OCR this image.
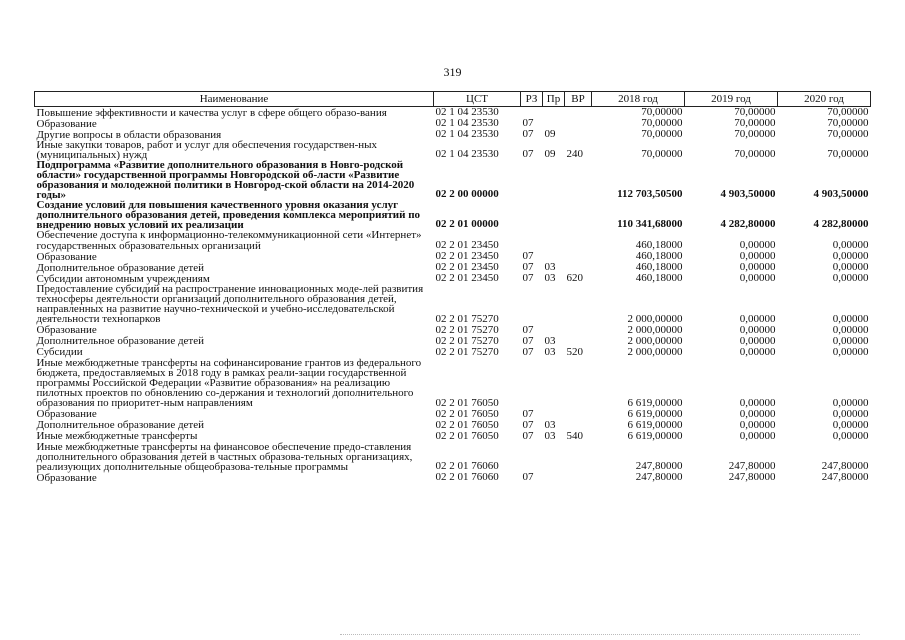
319
Наименование	ЦСТ	РЗ	Пр	ВР	2018 год	2019 год	2020 год
Повышение эффективности и качества услуг в сфере общего образо-вания	02 1 04 23530				70,00000	70,00000	70,00000
Образование	02 1 04 23530	07			70,00000	70,00000	70,00000
Другие вопросы в области образования	02 1 04 23530	07	09		70,00000	70,00000	70,00000
Иные закупки товаров, работ и услуг для обеспечения государствен-ных (муниципальных) нужд	02 1 04 23530	07	09	240	70,00000	70,00000	70,00000
Подпрограмма «Развитие дополнительного образования в Новго-родской области» государственной программы Новгородской об-ласти «Развитие образования и молодежной политики в Новгород-ской области на 2014-2020 годы»	02 2 00 00000				112 703,50500	4 903,50000	4 903,50000
Создание условий для повышения качественного уровня оказания услуг дополнительного образования детей, проведения комплекса мероприятий по внедрению новых условий их реализации	02 2 01 00000				110 341,68000	4 282,80000	4 282,80000
Обеспечение доступа к информационно-телекоммуникационной сети «Интернет» государственных образовательных организаций	02 2 01 23450				460,18000	0,00000	0,00000
Образование	02 2 01 23450	07			460,18000	0,00000	0,00000
Дополнительное образование детей	02 2 01 23450	07	03		460,18000	0,00000	0,00000
Субсидии автономным учреждениям	02 2 01 23450	07	03	620	460,18000	0,00000	0,00000
Предоставление субсидий на распространение инновационных моде-лей развития техносферы деятельности организаций дополнительного образования детей, направленных на развитие научно-технической и учебно-исследовательской деятельности технопарков	02 2 01 75270				2 000,00000	0,00000	0,00000
Образование	02 2 01 75270	07			2 000,00000	0,00000	0,00000
Дополнительное образование детей	02 2 01 75270	07	03		2 000,00000	0,00000	0,00000
Субсидии	02 2 01 75270	07	03	520	2 000,00000	0,00000	0,00000
Иные межбюджетные трансферты на софинансирование грантов из федерального бюджета, предоставляемых в 2018 году в рамках реали-зации государственной программы Российской Федерации «Развитие образования» на реализацию пилотных проектов по обновлению со-держания и технологий дополнительного образования по приоритет-ным направлениям	02 2 01 76050				6 619,00000	0,00000	0,00000
Образование	02 2 01 76050	07			6 619,00000	0,00000	0,00000
Дополнительное образование детей	02 2 01 76050	07	03		6 619,00000	0,00000	0,00000
Иные межбюджетные трансферты	02 2 01 76050	07	03	540	6 619,00000	0,00000	0,00000
Иные межбюджетные трансферты на финансовое обеспечение предо-ставления дополнительного образования детей в частных образова-тельных организациях, реализующих дополнительные общеобразова-тельные программы	02 2 01 76060				247,80000	247,80000	247,80000
Образование	02 2 01 76060	07			247,80000	247,80000	247,80000
